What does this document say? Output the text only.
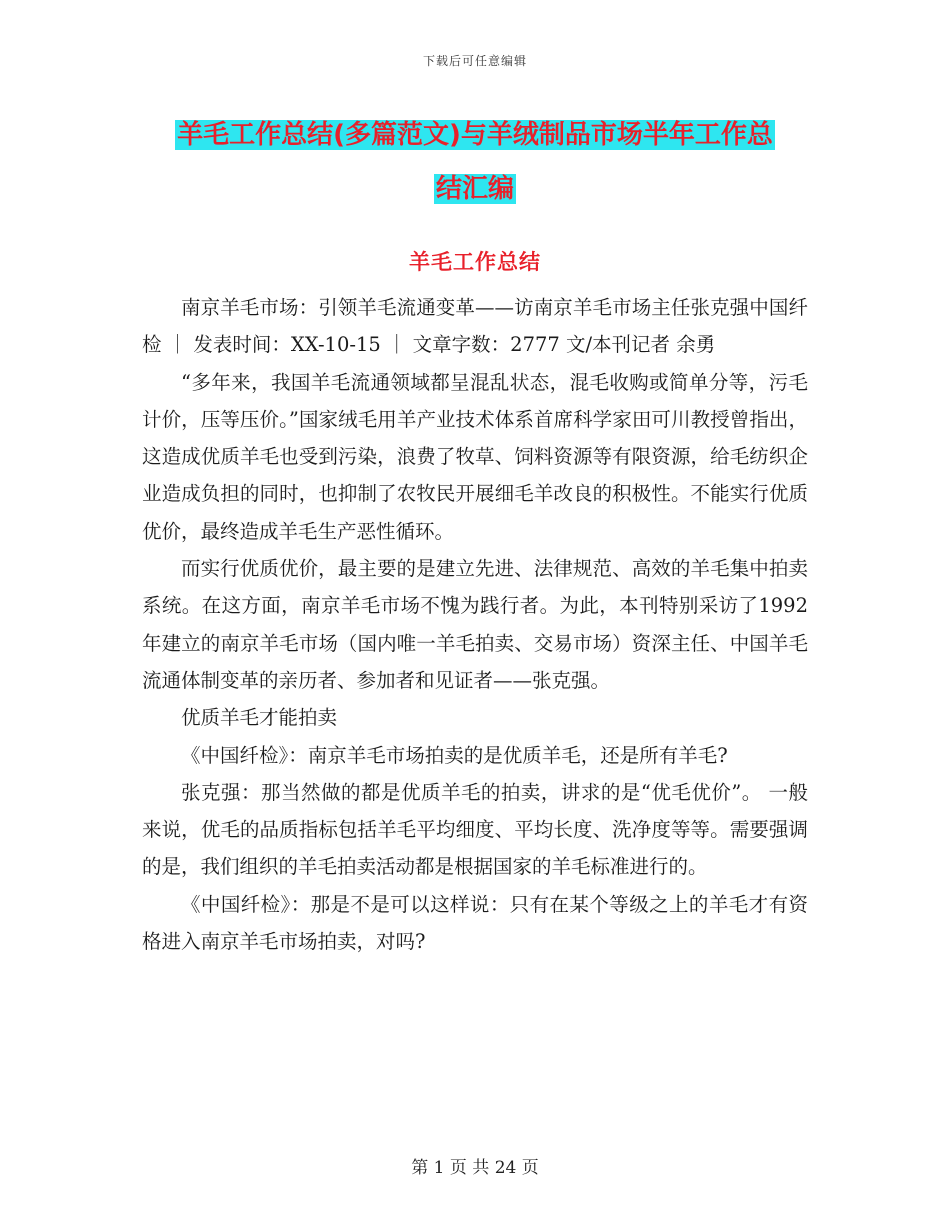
下载后可任意编辑
羊毛工作总结(多篇范文)与羊绒制品市场半年工作总
结汇编
羊毛工作总结

南京羊毛市场：引领羊毛流通变革——访南京羊毛市场主任张克强中国纤检 ｜ 发表时间：XX-10-15 ｜ 文章字数：2777 文/本刊记者 余勇

“多年来，我国羊毛流通领域都呈混乱状态，混毛收购或简单分等，污毛计价，压等压价。”国家绒毛用羊产业技术体系首席科学家田可川教授曾指出，这造成优质羊毛也受到污染，浪费了牧草、饲料资源等有限资源，给毛纺织企业造成负担的同时，也抑制了农牧民开展细毛羊改良的积极性。不能实行优质优价，最终造成羊毛生产恶性循环。

而实行优质优价，最主要的是建立先进、法律规范、高效的羊毛集中拍卖系统。在这方面，南京羊毛市场不愧为践行者。为此，本刊特别采访了1992年建立的南京羊毛市场（国内唯一羊毛拍卖、交易市场）资深主任、中国羊毛流通体制变革的亲历者、参加者和见证者——张克强。

优质羊毛才能拍卖

《中国纤检》：南京羊毛市场拍卖的是优质羊毛，还是所有羊毛?

张克强：那当然做的都是优质羊毛的拍卖，讲求的是“优毛优价”。 一般来说，优毛的品质指标包括羊毛平均细度、平均长度、洗净度等等。需要强调的是，我们组织的羊毛拍卖活动都是根据国家的羊毛标准进行的。

《中国纤检》：那是不是可以这样说：只有在某个等级之上的羊毛才有资格进入南京羊毛市场拍卖，对吗?

第 1 页 共 24 页
